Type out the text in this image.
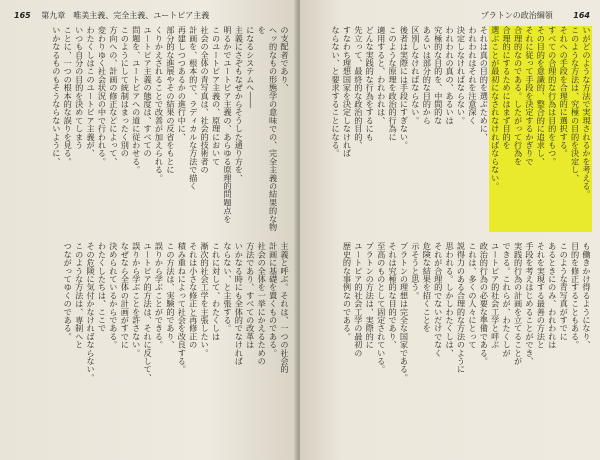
165 第九章　唯美主義、完全主義、ユートピア主義
の支配者であり、
ヘッ的なもの形態学の意味での、完全主義の結果的な物を
になるシステムへ――
主義にさぞもなぜからそうした通り方を、
明るかでユートピア主義の、あらゆる原理的問題点を
このユートピア主義の、原理において
社会の全体の青写真は、社会的技術者の
計画を、根本的で、ラディカルな方法で描く
再建しつつあるかの進行中に、
部分的な進展やその結果の反省をもとに
くりかえされることで改善が加えられる。
ユートピア主義の態度は、すべての
問題を、ユートピアへの道に従わせる。
このようにして統制はまったく別の
方向への、計画の修正などによって、
変わりゆく社会状況の中で行われる。
わたくしはこのユートピア主義が、
いつも自分の目的を決めてしまう
ことに、一つの根本的な誤りを見る。
いかなるものもそうならないように、
主義と呼ぶ。それは、一つの社会的
計画に基礎を置くものである。
社会の全体を一挙にかえるための
方法であり、すべての改革は
いかなる時にも全体的でなければ
ならない、と主張する。
これに対して、わたくしは
漸次的社会工学を主張したい。
それは小さな修正と再修正の
積み重ねによって社会を改良する。
この方法は、実験的であり、
誤りから学ぶことができる。
ユートピア的方法は、それに反して、
誤りから学ぶことを許さない。
なぜなら全体の計画がすでに
決められているからである。
わたくしたちは、ここで
その危険に気付かなければならない。
このような方法は、専制へと
つながってゆくのである。
プラトンの政治綱領	164
いがどのような方法で実現されるかを考える。
このような方法は、究極の目的を決定し、
それへの手段を合理的に選択する。
すべての合理的な行為は目的をもつ。
その目的を意識的、整合的に追求し、
それに従って手段を決定するかぎりで
合理的なのである。したがって行為を
合理的にするためにはまず目的を
選ぶことが最初になされなければならない。
それは真の目的を選ぶために、
われわれはそれを注意深く
決定しなければならない。
われわれの真の、あるいは
究極的な目的を、中間的な
あるいは部分的な目的から
区別しなければならない。
後者は実際には手段にすぎない。
このような原理を政治的行為に
適用すると、われわれは、
どんな実践的な行為をするにも
先立って、最終的な政治的目的、
すなわち理想国家を決定しなければ
ならない、と要求することになる。
も働きかけ得るようになり、
目的を修正することもある。
このような青写真がすでに
あるときにのみ、われわれは
それを実現する最善の方法と
手段を考えはじめることができ、
実践的行為の計画を立てることが
できる。これらが、わたくしが
ユートピア的社会工学と呼ぶ
政治的行為の必要な準備である。
これは、多くの人々にとって
説得力のある合理的な方法のように
思われる。しかしわたくしは、
それが合理的でないだけでなく
危険な結果を招くことを
示そうと思う。
プラトンの理想は完全な国家である。
それは究極的な目的であり、
至高のものとして固定されている。
プラトンの方法は、実際的に
ユートピア的社会工学の最初の
歴史的な事例なのである。
